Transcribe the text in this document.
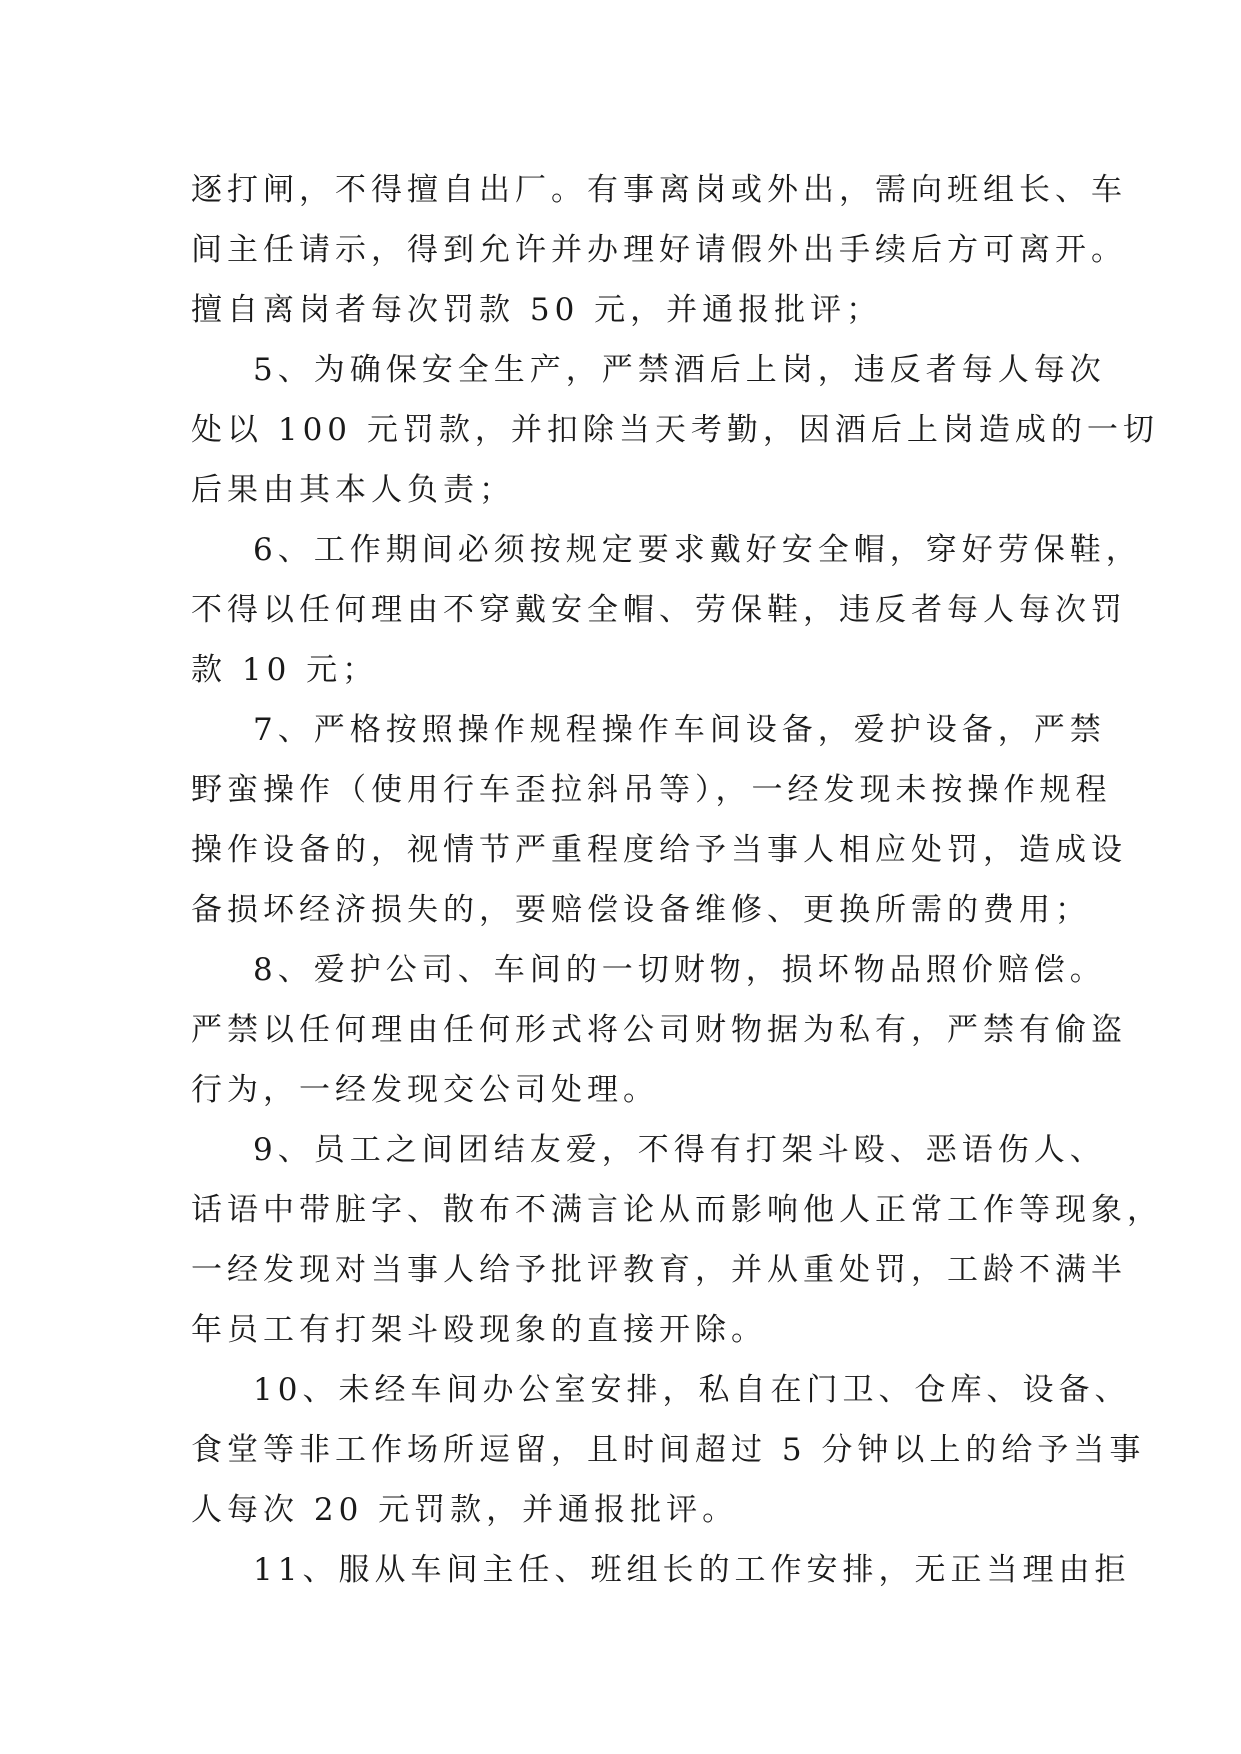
逐打闸，不得擅自出厂。有事离岗或外出，需向班组长、车
间主任请示，得到允许并办理好请假外出手续后方可离开。
擅自离岗者每次罚款 50 元，并通报批评；
5、为确保安全生产，严禁酒后上岗，违反者每人每次
处以 100 元罚款，并扣除当天考勤，因酒后上岗造成的一切
后果由其本人负责；
6、工作期间必须按规定要求戴好安全帽，穿好劳保鞋，
不得以任何理由不穿戴安全帽、劳保鞋，违反者每人每次罚
款 10 元；
7、严格按照操作规程操作车间设备，爱护设备，严禁
野蛮操作（使用行车歪拉斜吊等），一经发现未按操作规程
操作设备的，视情节严重程度给予当事人相应处罚，造成设
备损坏经济损失的，要赔偿设备维修、更换所需的费用；
8、爱护公司、车间的一切财物，损坏物品照价赔偿。
严禁以任何理由任何形式将公司财物据为私有，严禁有偷盗
行为，一经发现交公司处理。
9、员工之间团结友爱，不得有打架斗殴、恶语伤人、
话语中带脏字、散布不满言论从而影响他人正常工作等现象，
一经发现对当事人给予批评教育，并从重处罚，工龄不满半
年员工有打架斗殴现象的直接开除。
10、未经车间办公室安排，私自在门卫、仓库、设备、
食堂等非工作场所逗留，且时间超过 5 分钟以上的给予当事
人每次 20 元罚款，并通报批评。
11、服从车间主任、班组长的工作安排，无正当理由拒
